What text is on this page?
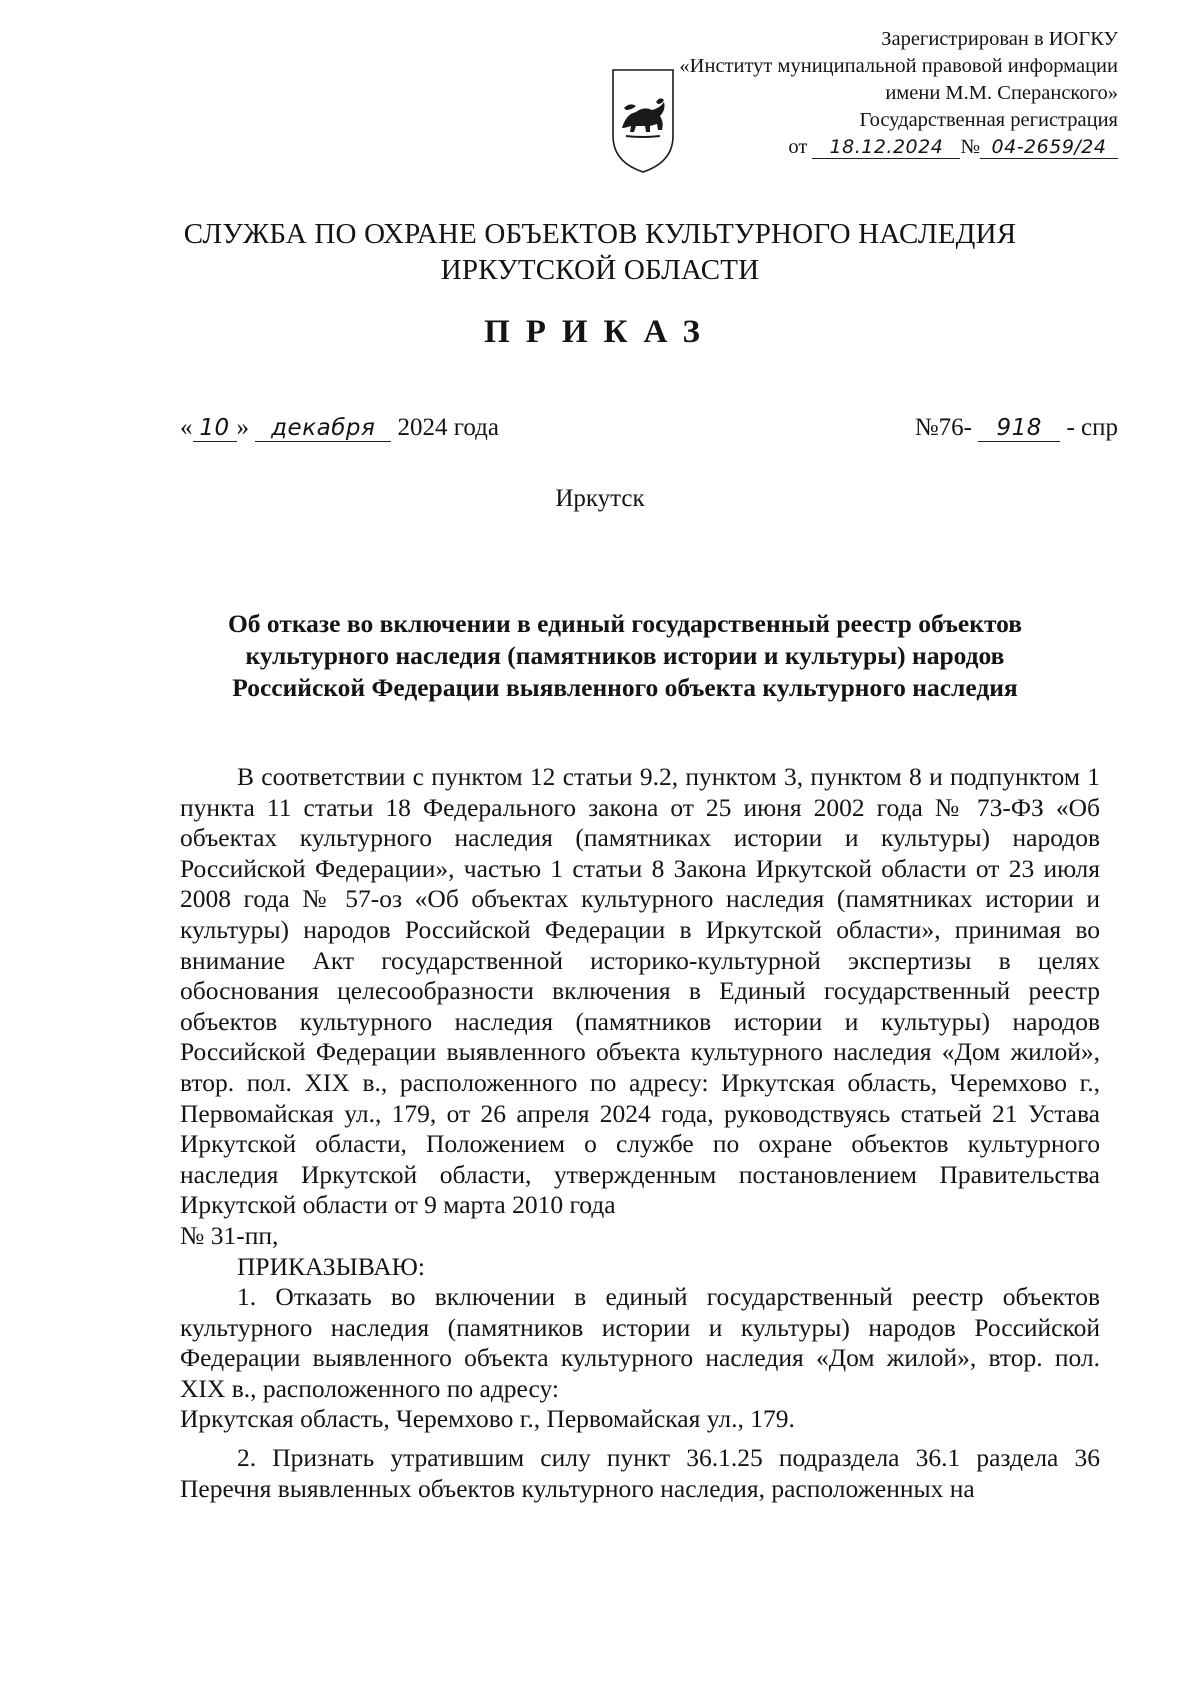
Зарегистрирован в ИОГКУ
«Институт муниципальной правовой информации
имени М.М. Сперанского»
Государственная регистрация
от 18.12.2024 № 04-2659/24
СЛУЖБА ПО ОХРАНЕ ОБЪЕКТОВ КУЛЬТУРНОГО НАСЛЕДИЯ
ИРКУТСКОЙ ОБЛАСТИ
ПРИКАЗ
« 10 » декабря 2024 года	№76- 918 - спр
Иркутск
Об отказе во включении в единый государственный реестр объектов
культурного наследия (памятников истории и культуры) народов
Российской Федерации выявленного объекта культурного наследия

В соответствии с пунктом 12 статьи 9.2, пунктом 3, пунктом 8 и подпунктом 1 пункта 11 статьи 18 Федерального закона от 25 июня 2002 года № 73-ФЗ «Об объектах культурного наследия (памятниках истории и культуры) народов Российской Федерации», частью 1 статьи 8 Закона Иркутской области от 23 июля 2008 года № 57-оз «Об объектах культурного наследия (памятниках истории и культуры) народов Российской Федерации в Иркутской области», принимая во внимание Акт государственной историко-культурной экспертизы в целях обоснования целесообразности включения в Единый государственный реестр объектов культурного наследия (памятников истории и культуры) народов Российской Федерации выявленного объекта культурного наследия «Дом жилой», втор. пол. XIX в., расположенного по адресу: Иркутская область, Черемхово г., Первомайская ул., 179, от 26 апреля 2024 года, руководствуясь статьей 21 Устава Иркутской области, Положением о службе по охране объектов культурного наследия Иркутской области, утвержденным постановлением Правительства Иркутской области от 9 марта 2010 года

№ 31-пп,

ПРИКАЗЫВАЮ:

1. Отказать во включении в единый государственный реестр объектов культурного наследия (памятников истории и культуры) народов Российской Федерации выявленного объекта культурного наследия «Дом жилой», втор. пол. XIX в., расположенного по адресу:

Иркутская область, Черемхово г., Первомайская ул., 179.

2. Признать утратившим силу пункт 36.1.25 подраздела 36.1 раздела 36 Перечня выявленных объектов культурного наследия, расположенных на
